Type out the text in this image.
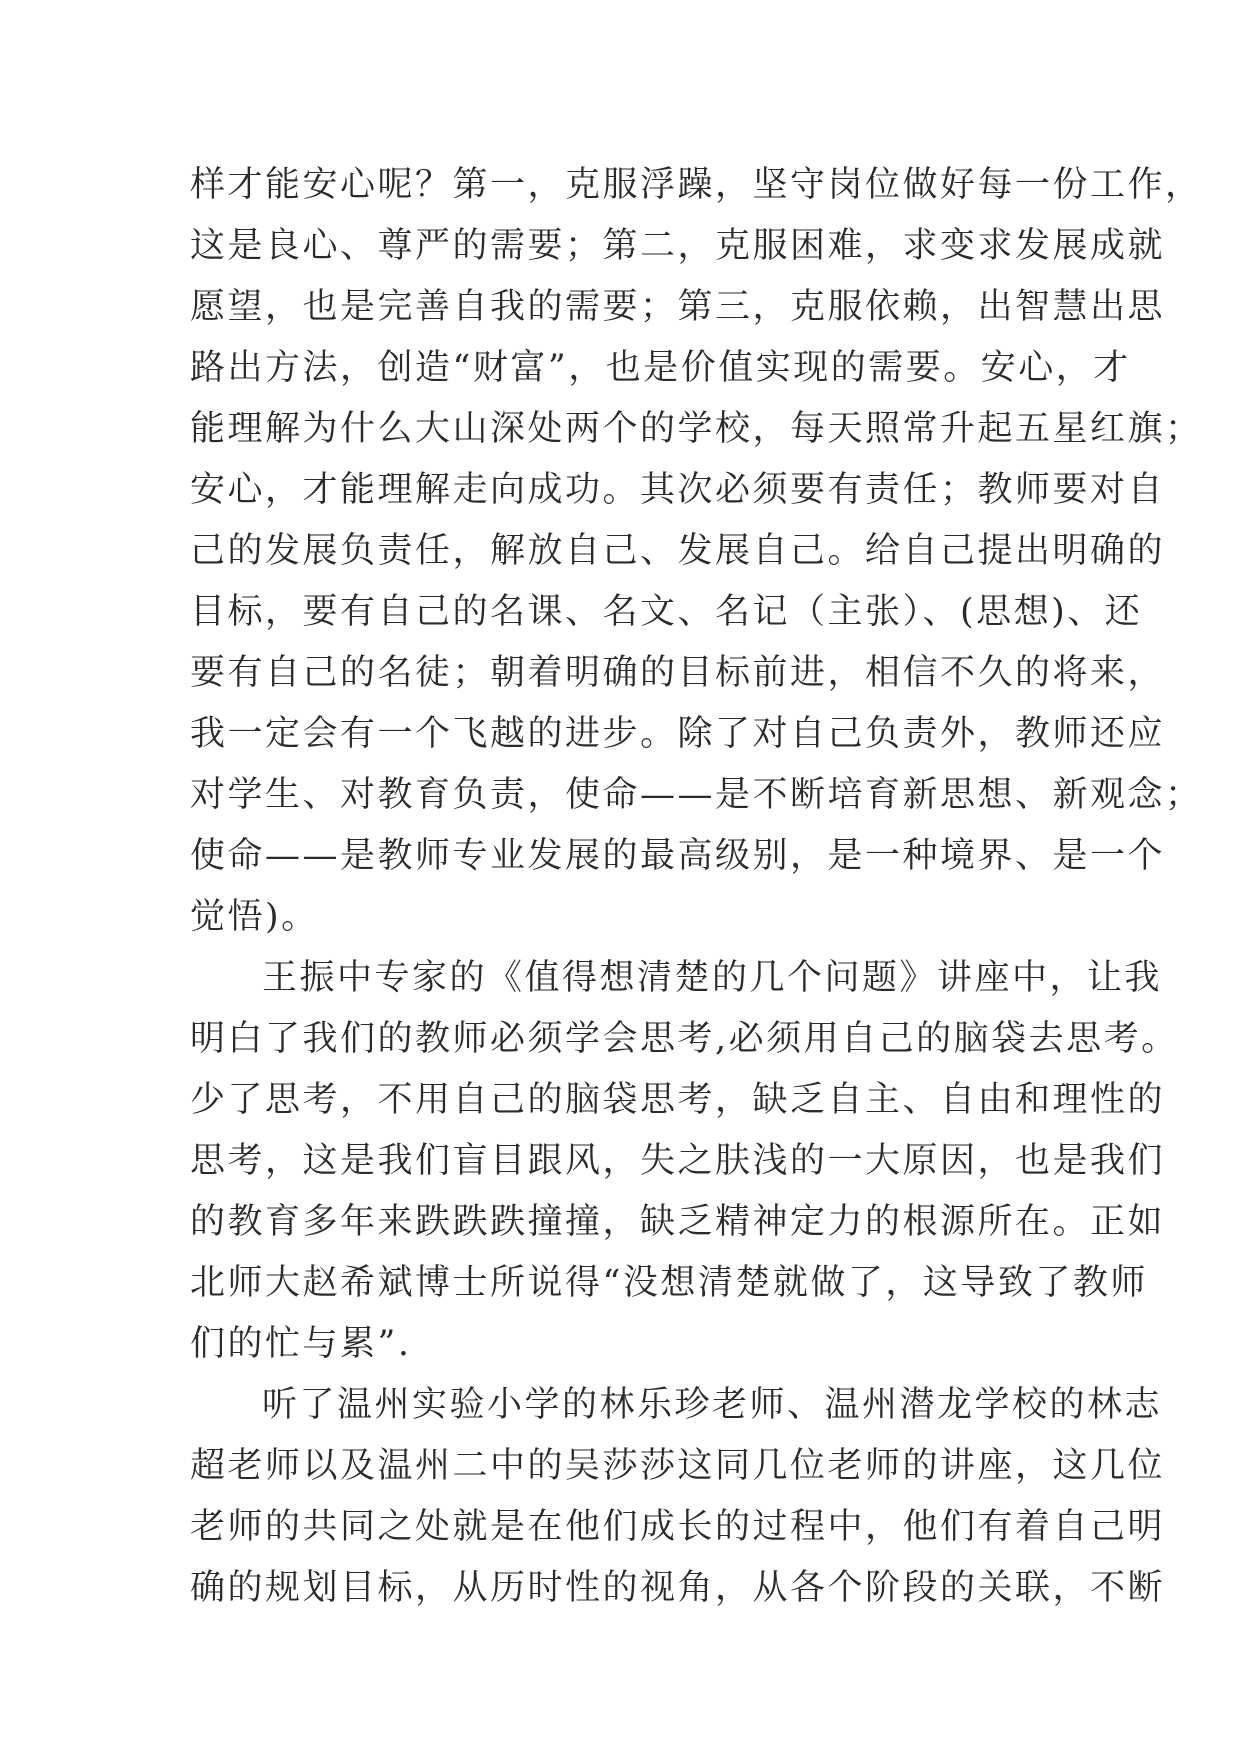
样才能安心呢？第一，克服浮躁，坚守岗位做好每一份工作，
这是良心、尊严的需要；第二，克服困难，求变求发展成就
愿望，也是完善自我的需要；第三，克服依赖，出智慧出思
路出方法，创造“财富”，也是价值实现的需要。安心，才
能理解为什么大山深处两个的学校，每天照常升起五星红旗；
安心，才能理解走向成功。其次必须要有责任；教师要对自
己的发展负责任，解放自己、发展自己。给自己提出明确的
目标，要有自己的名课、名文、名记（主张）、(思想)、还
要有自己的名徒；朝着明确的目标前进，相信不久的将来，
我一定会有一个飞越的进步。除了对自己负责外，教师还应
对学生、对教育负责，使命——是不断培育新思想、新观念；
使命——是教师专业发展的最高级别，是一种境界、是一个
觉悟)。
王振中专家的《值得想清楚的几个问题》讲座中，让我
明白了我们的教师必须学会思考,必须用自己的脑袋去思考。
少了思考，不用自己的脑袋思考，缺乏自主、自由和理性的
思考，这是我们盲目跟风，失之肤浅的一大原因，也是我们
的教育多年来跌跌跌撞撞，缺乏精神定力的根源所在。正如
北师大赵希斌博士所说得“没想清楚就做了，这导致了教师
们的忙与累”.
听了温州实验小学的林乐珍老师、温州潜龙学校的林志
超老师以及温州二中的吴莎莎这同几位老师的讲座，这几位
老师的共同之处就是在他们成长的过程中，他们有着自己明
确的规划目标，从历时性的视角，从各个阶段的关联，不断
